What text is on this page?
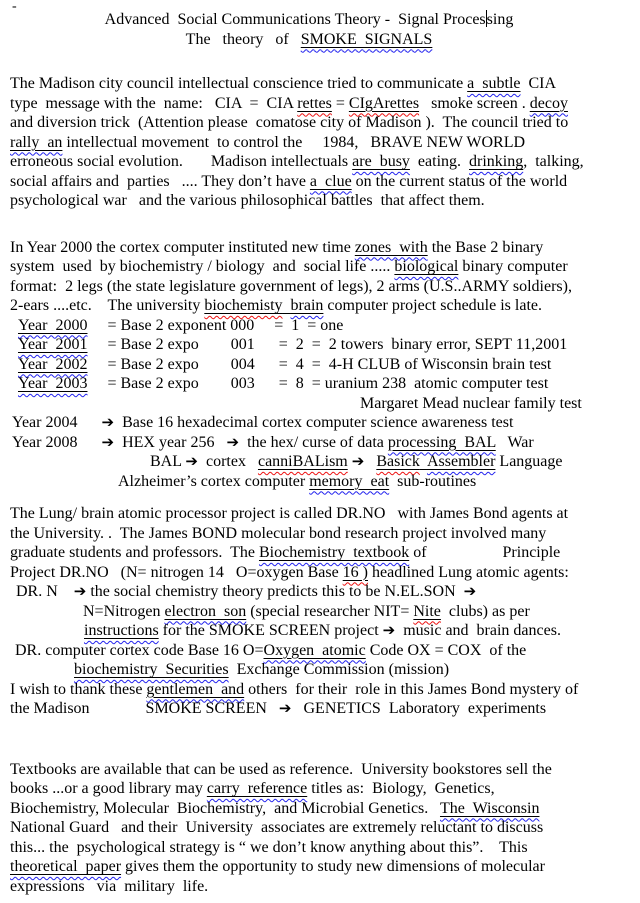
-
Advanced  Social Communications Theory -  Signal Processing
The   theory   of   SMOKE  SIGNALS
The Madison city council intellectual conscience tried to communicate a  subtle  CIA
type  message with the  name:   CIA  =  CIA rettes = CIgArettes   smoke screen . decoy
and diversion trick  (Attention please  comatose city of Madison ).  The council tried to
rally  an intellectual movement  to control the     1984,   BRAVE NEW WORLD
erroneous social evolution.       Madison intellectuals are  busy  eating.  drinking,  talking,
social affairs and  parties   .... They don’t have a  clue on the current status of the world
psychological war   and the various philosophical battles  that affect them.
In Year 2000 the cortex computer instituted new time zones  with the Base 2 binary
system  used  by biochemistry / biology  and  social life ..... biological binary computer
format:  2 legs (the state legislature government of legs), 2 arms (U.S..ARMY soldiers),
2-ears ....etc.    The university biochemisty brain computer project schedule is late.
Year  2000     = Base 2 exponent 000     =  1  = one
Year  2001     = Base 2 expo        001      =  2  =  2 towers  binary error, SEPT 11,2001
Year  2002     = Base 2 expo        004      =  4  =  4-H CLUB of Wisconsin brain test
Year  2003     = Base 2 expo        003      =  8  = uranium 238  atomic computer test
Margaret Mead nuclear family test
Year 2004      ➔  Base 16 hexadecimal cortex computer science awareness test
Year 2008      ➔  HEX year 256   ➔  the hex/ curse of data processing  BAL   War
BAL ➔  cortex   canniBALism ➔ Basick Assembler Language
Alzheimer’s cortex computer memory  eat  sub-routines
The Lung/ brain atomic processor project is called DR.NO   with James Bond agents at
the University. .  The James BOND molecular bond research project involved many
graduate students and professors.  The Biochemistry  textbook of                   Principle
Project DR.NO   (N= nitrogen 14   O=oxygen Base 16 ) headlined Lung atomic agents:
DR. N    ➔ the social chemistry theory predicts this to be N.EL.SON  ➔
N=Nitrogen electron  son (special researcher NIT= Nite  clubs) as per
instructions for the SMOKE SCREEN project ➔  music and  brain dances.
DR. computer cortex code Base 16 O=Oxygen  atomic Code OX = COX  of the
biochemistry  Securities  Exchange Commission (mission)
I wish to thank these gentlemen  and others  for their  role in this James Bond mystery of
the Madison              SMOKE SCREEN   ➔   GENETICS  Laboratory  experiments
Textbooks are available that can be used as reference.  University bookstores sell the
books ...or a good library may carry  reference titles as:  Biology,  Genetics,
Biochemistry, Molecular  Biochemistry,  and Microbial Genetics.   The  Wisconsin
National Guard   and their  University  associates are extremely reluctant to discuss
this... the  psychological strategy is “ we don’t know anything about this”.    This
theoretical  paper gives them the opportunity to study new dimensions of molecular
expressions   via  military  life.
